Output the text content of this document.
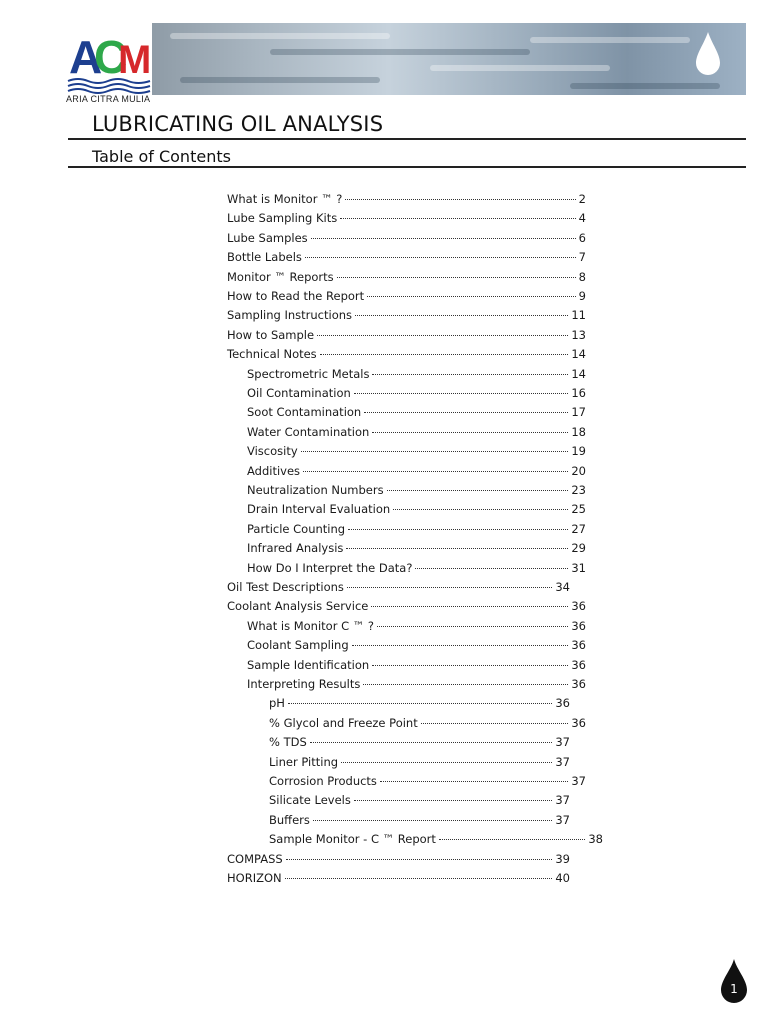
A
C
M
ARIA CITRA MULIA
LUBRICATING OIL ANALYSIS
Table of Contents
What is Monitor ™ ?	2
Lube Sampling Kits	4
Lube Samples	6
Bottle Labels	7
Monitor ™ Reports	8
How to Read the Report	9
Sampling Instructions	11
How to Sample	13
Technical Notes	14
Spectrometric Metals	14
Oil Contamination	16
Soot Contamination	17
Water Contamination	18
Viscosity	19
Additives	20
Neutralization Numbers	23
Drain Interval Evaluation	25
Particle Counting	27
Infrared Analysis	29
How Do I Interpret the Data?	31
Oil Test Descriptions	34
Coolant Analysis Service	36
What is Monitor C ™ ?	36
Coolant Sampling	36
Sample Identification	36
Interpreting Results	36
pH	36
% Glycol and Freeze Point	36
% TDS	37
Liner Pitting	37
Corrosion Products	37
Silicate Levels	37
Buffers	37
Sample Monitor - C ™ Report	38
COMPASS	39
HORIZON	40
1
